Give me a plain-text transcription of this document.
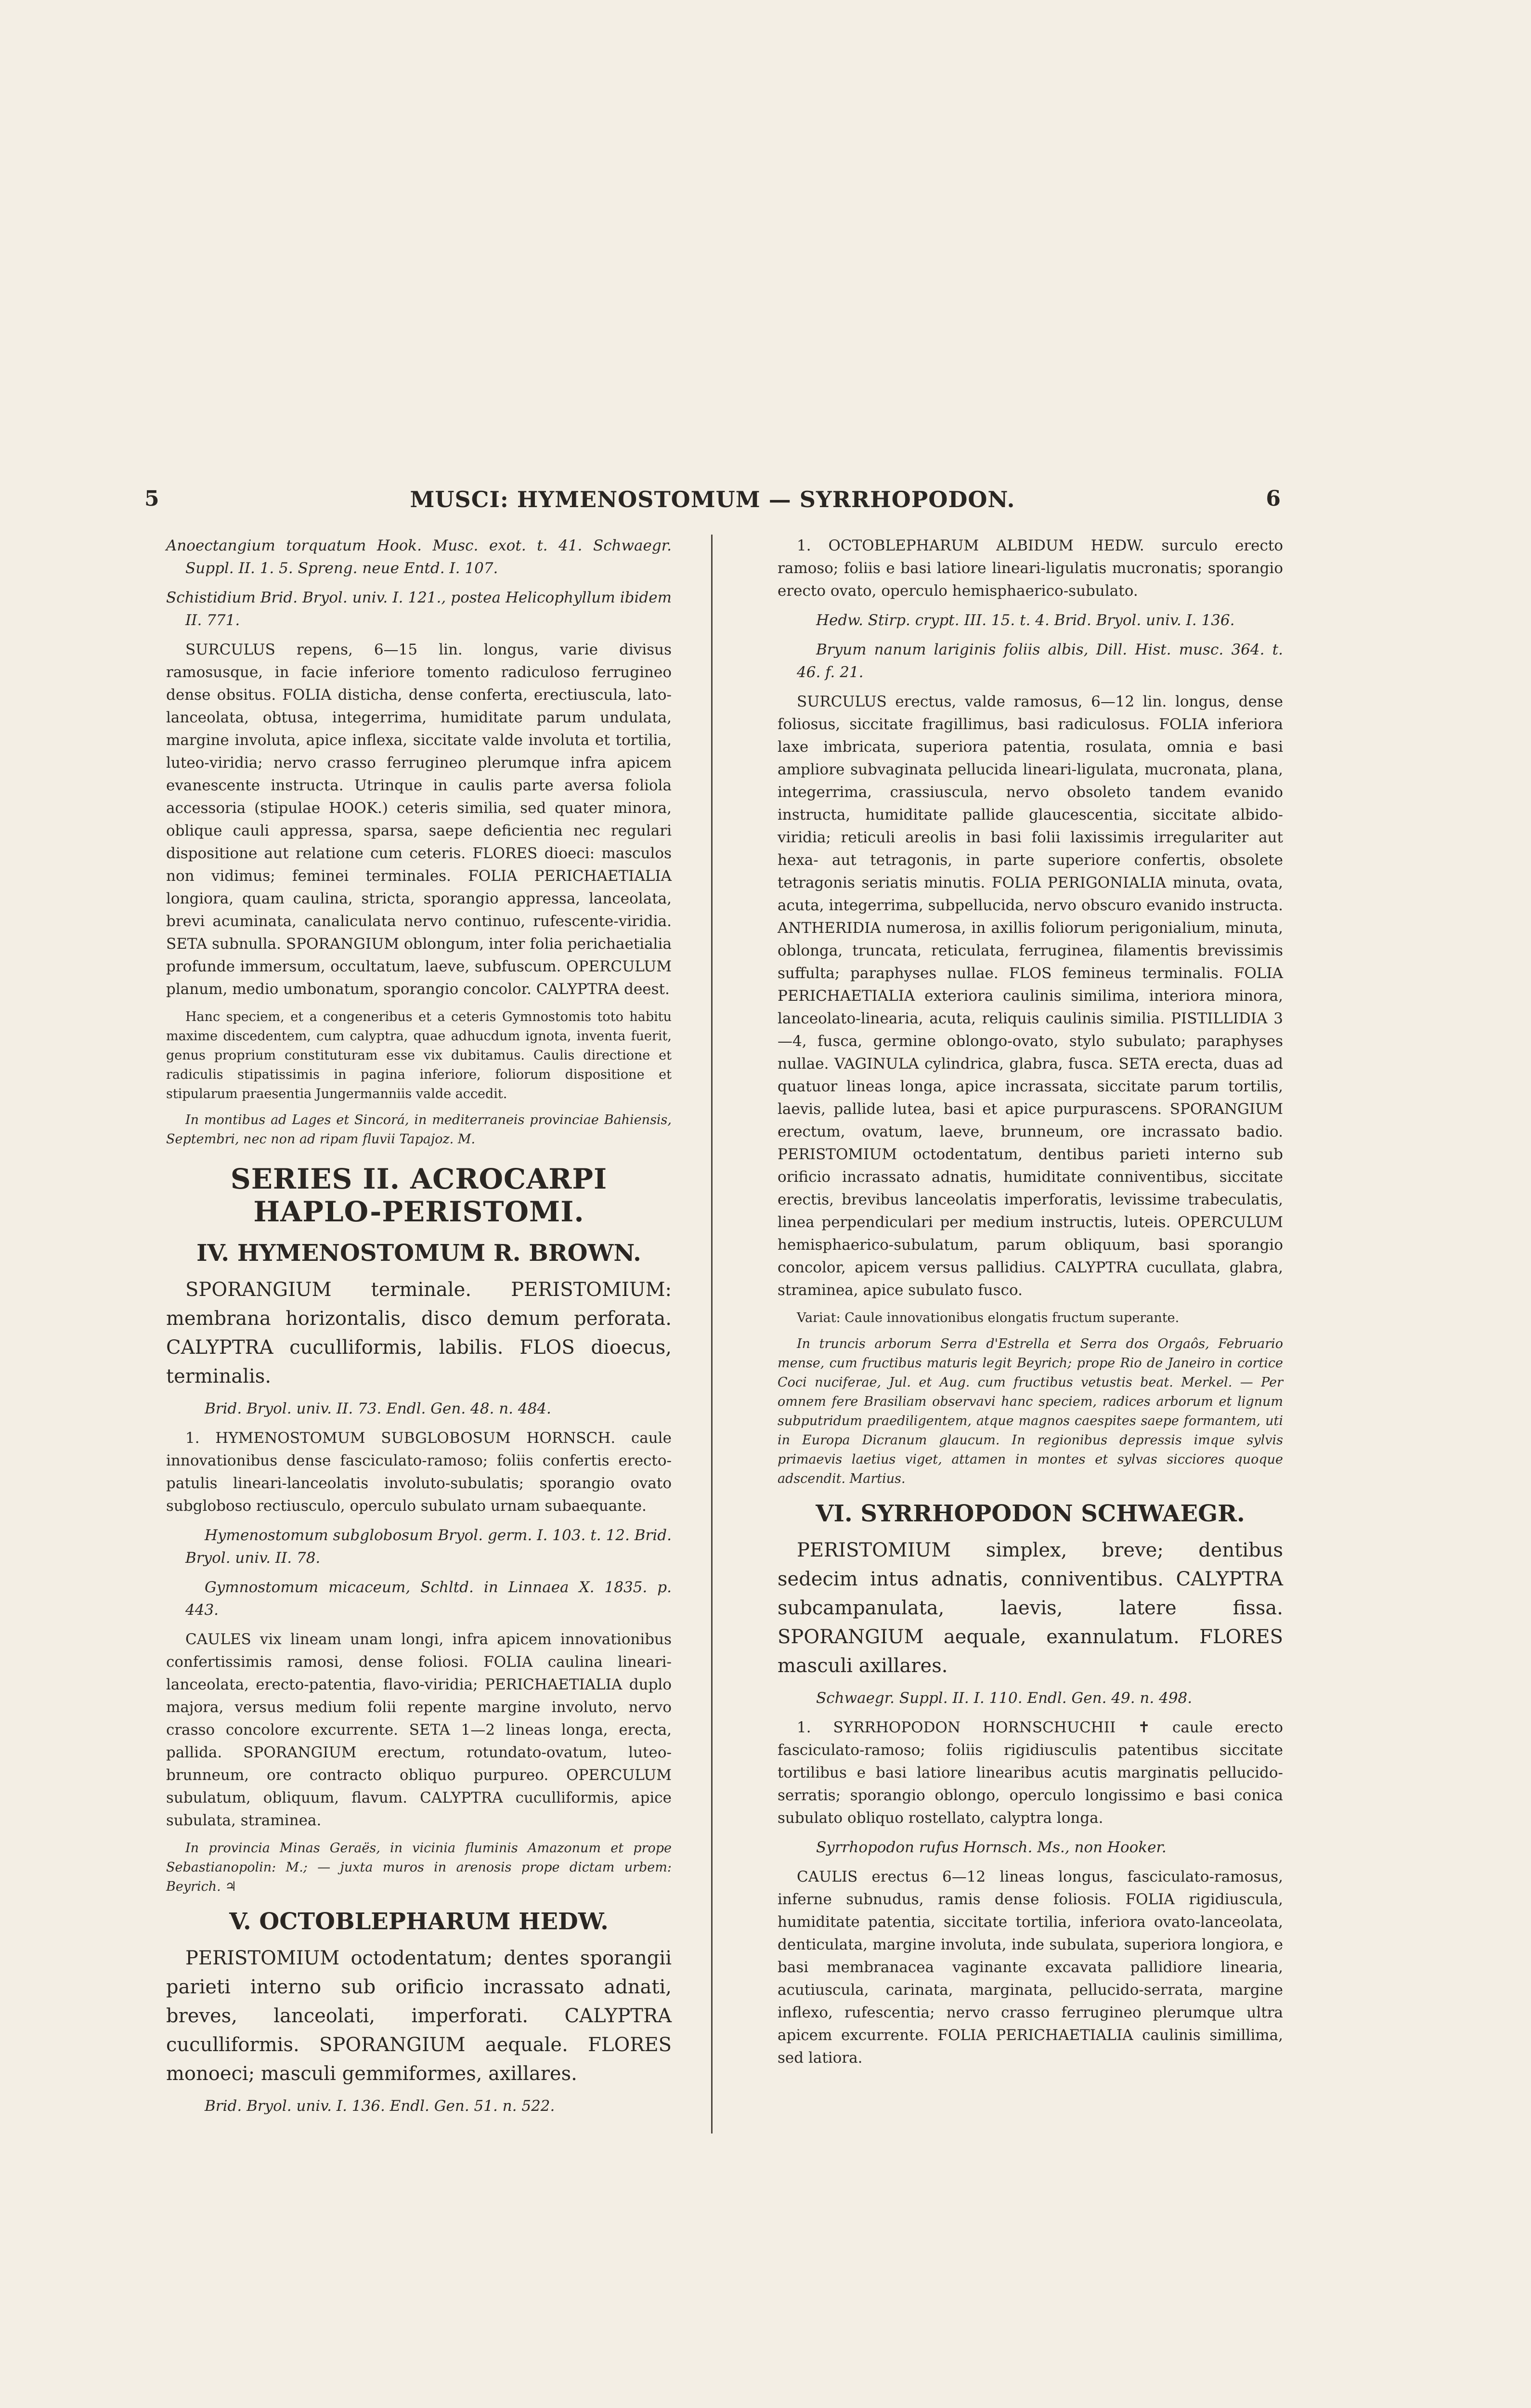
5	MUSCI: HYMENOSTOMUM — SYRRHOPODON.	6

Anoectangium torquatum Hook. Musc. exot. t. 41. Schwaegr. Suppl. II. 1. 5. Spreng. neue Entd. I. 107.

Schistidium Brid. Bryol. univ. I. 121., postea Helicophyllum ibidem II. 771.

SURCULUS repens, 6—15 lin. longus, varie divisus ramosusque, in facie inferiore tomento radiculoso ferrugineo dense obsitus. FOLIA disticha, dense conferta, erectiuscula, lato-lanceolata, obtusa, integerrima, humiditate parum undulata, margine involuta, apice inflexa, siccitate valde involuta et tortilia, luteo-viridia; nervo crasso ferrugineo plerumque infra apicem evanescente instructa. Utrinque in caulis parte aversa foliola accessoria (stipulae HOOK.) ceteris similia, sed quater minora, oblique cauli appressa, sparsa, saepe deficientia nec regulari dispositione aut relatione cum ceteris. FLORES dioeci: masculos non vidimus; feminei terminales. FOLIA PERICHAETIALIA longiora, quam caulina, stricta, sporangio appressa, lanceolata, brevi acuminata, canaliculata nervo continuo, rufescente-viridia. SETA subnulla. SPORANGIUM oblongum, inter folia perichaetialia profunde immersum, occultatum, laeve, subfuscum. OPERCULUM planum, medio umbonatum, sporangio concolor. CALYPTRA deest.

Hanc speciem, et a congeneribus et a ceteris Gymnostomis toto habitu maxime discedentem, cum calyptra, quae adhucdum ignota, inventa fuerit, genus proprium constituturam esse vix dubitamus. Caulis directione et radiculis stipatissimis in pagina inferiore, foliorum dispositione et stipularum praesentia Jungermanniis valde accedit.

In montibus ad Lages et Sincorá, in mediterraneis provinciae Bahiensis, Septembri, nec non ad ripam fluvii Tapajoz. M.

SERIES II. ACROCARPI HAPLO-PERISTOMI.
IV. HYMENOSTOMUM R. BROWN.

SPORANGIUM terminale. PERISTOMIUM: membrana horizontalis, disco demum perforata. CALYPTRA cuculliformis, labilis. FLOS dioecus, terminalis.

Brid. Bryol. univ. II. 73. Endl. Gen. 48. n. 484.

1. HYMENOSTOMUM SUBGLOBOSUM HORNSCH. caule innovationibus dense fasciculato-ramoso; foliis confertis erecto-patulis lineari-lanceolatis involuto-subulatis; sporangio ovato subgloboso rectiusculo, operculo subulato urnam subaequante.

Hymenostomum subglobosum Bryol. germ. I. 103. t. 12. Brid. Bryol. univ. II. 78.

Gymnostomum micaceum, Schltd. in Linnaea X. 1835. p. 443.

CAULES vix lineam unam longi, infra apicem innovationibus confertissimis ramosi, dense foliosi. FOLIA caulina lineari-lanceolata, erecto-patentia, flavo-viridia; PERICHAETIALIA duplo majora, versus medium folii repente margine involuto, nervo crasso concolore excurrente. SETA 1—2 lineas longa, erecta, pallida. SPORANGIUM erectum, rotundato-ovatum, luteo-brunneum, ore contracto obliquo purpureo. OPERCULUM subulatum, obliquum, flavum. CALYPTRA cuculliformis, apice subulata, straminea.

In provincia Minas Geraës, in vicinia fluminis Amazonum et prope Sebastianopolin: M.; — juxta muros in arenosis prope dictam urbem: Beyrich. ♃

V. OCTOBLEPHARUM HEDW.

PERISTOMIUM octodentatum; dentes sporangii parieti interno sub orificio incrassato adnati, breves, lanceolati, imperforati. CALYPTRA cuculliformis. SPORANGIUM aequale. FLORES monoeci; masculi gemmiformes, axillares.

Brid. Bryol. univ. I. 136. Endl. Gen. 51. n. 522.

1. OCTOBLEPHARUM ALBIDUM HEDW. surculo erecto ramoso; foliis e basi latiore lineari-ligulatis mucronatis; sporangio erecto ovato, operculo hemisphaerico-subulato.

Hedw. Stirp. crypt. III. 15. t. 4. Brid. Bryol. univ. I. 136.

Bryum nanum lariginis foliis albis, Dill. Hist. musc. 364. t. 46. f. 21.

SURCULUS erectus, valde ramosus, 6—12 lin. longus, dense foliosus, siccitate fragillimus, basi radiculosus. FOLIA inferiora laxe imbricata, superiora patentia, rosulata, omnia e basi ampliore subvaginata pellucida lineari-ligulata, mucronata, plana, integerrima, crassiuscula, nervo obsoleto tandem evanido instructa, humiditate pallide glaucescentia, siccitate albido-viridia; reticuli areolis in basi folii laxissimis irregulariter aut hexa- aut tetragonis, in parte superiore confertis, obsolete tetragonis seriatis minutis. FOLIA PERIGONIALIA minuta, ovata, acuta, integerrima, subpellucida, nervo obscuro evanido instructa. ANTHERIDIA numerosa, in axillis foliorum perigonialium, minuta, oblonga, truncata, reticulata, ferruginea, filamentis brevissimis suffulta; paraphyses nullae. FLOS femineus terminalis. FOLIA PERICHAETIALIA exteriora caulinis similima, interiora minora, lanceolato-linearia, acuta, reliquis caulinis similia. PISTILLIDIA 3—4, fusca, germine oblongo-ovato, stylo subulato; paraphyses nullae. VAGINULA cylindrica, glabra, fusca. SETA erecta, duas ad quatuor lineas longa, apice incrassata, siccitate parum tortilis, laevis, pallide lutea, basi et apice purpurascens. SPORANGIUM erectum, ovatum, laeve, brunneum, ore incrassato badio. PERISTOMIUM octodentatum, dentibus parieti interno sub orificio incrassato adnatis, humiditate conniventibus, siccitate erectis, brevibus lanceolatis imperforatis, levissime trabeculatis, linea perpendiculari per medium instructis, luteis. OPERCULUM hemisphaerico-subulatum, parum obliquum, basi sporangio concolor, apicem versus pallidius. CALYPTRA cucullata, glabra, straminea, apice subulato fusco.

Variat: Caule innovationibus elongatis fructum superante.

In truncis arborum Serra d'Estrella et Serra dos Orgaôs, Februario mense, cum fructibus maturis legit Beyrich; prope Rio de Janeiro in cortice Coci nuciferae, Jul. et Aug. cum fructibus vetustis beat. Merkel. — Per omnem fere Brasiliam observavi hanc speciem, radices arborum et lignum subputridum praediligentem, atque magnos caespites saepe formantem, uti in Europa Dicranum glaucum. In regionibus depressis imque sylvis primaevis laetius viget, attamen in montes et sylvas sicciores quoque adscendit. Martius.

VI. SYRRHOPODON SCHWAEGR.

PERISTOMIUM simplex, breve; dentibus sedecim intus adnatis, conniventibus. CALYPTRA subcampanulata, laevis, latere fissa. SPORANGIUM aequale, exannulatum. FLORES masculi axillares.

Schwaegr. Suppl. II. I. 110. Endl. Gen. 49. n. 498.

1. SYRRHOPODON HORNSCHUCHII ✝ caule erecto fasciculato-ramoso; foliis rigidiusculis patentibus siccitate tortilibus e basi latiore linearibus acutis marginatis pellucido-serratis; sporangio oblongo, operculo longissimo e basi conica subulato obliquo rostellato, calyptra longa.

Syrrhopodon rufus Hornsch. Ms., non Hooker.

CAULIS erectus 6—12 lineas longus, fasciculato-ramosus, inferne subnudus, ramis dense foliosis. FOLIA rigidiuscula, humiditate patentia, siccitate tortilia, inferiora ovato-lanceolata, denticulata, margine involuta, inde subulata, superiora longiora, e basi membranacea vaginante excavata pallidiore linearia, acutiuscula, carinata, marginata, pellucido-serrata, margine inflexo, rufescentia; nervo crasso ferrugineo plerumque ultra apicem excurrente. FOLIA PERICHAETIALIA caulinis simillima, sed latiora.
